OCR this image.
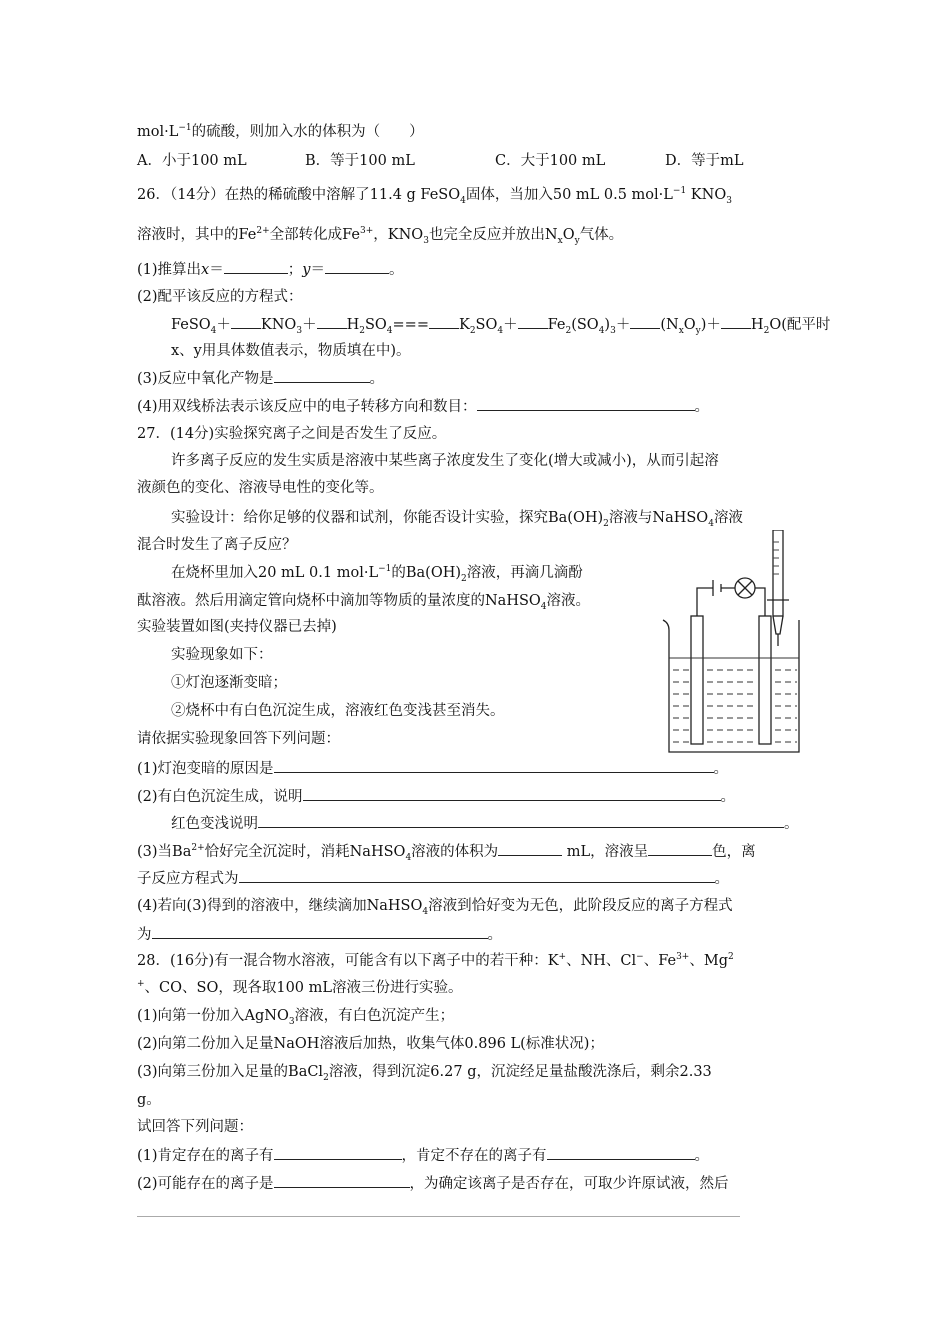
$mol\cdot L^{-1}$的硫酸，则加入水的体积为（　　）
A．小于100 mL	B．等于100 mL	C．大于100 mL	D．等于mL
26．（14分）在热的稀硫酸中溶解了11.4 g FeSO$_4$固体，当加入50 mL 0.5 $mol\cdot L^{-1}$ $KNO_3$
溶液时，其中的$Fe^{2+}$全部转化成$Fe^{3+}$，$KNO_3$也完全反应并放出$N_xO_y$气体。
(1)推算出x＝	；y＝	。
(2)配平该反应的方程式：
FeSO$_4$＋ $KNO_3+ H_2SO_4=== K_2SO_4+ Fe_2(SO_4)_3+ (N_xO_y)+ H_2O$(配平时
x、y用具体数值表示，物质填在中)。
(3)反应中氧化产物是	。
(4)用双线桥法表示该反应中的电子转移方向和数目：	。
27．(14分)实验探究离子之间是否发生了反应。
许多离子反应的发生实质是溶液中某些离子浓度发生了变化(增大或减小)，从而引起溶
液颜色的变化、溶液导电性的变化等。
实验设计：给你足够的仪器和试剂，你能否设计实验，探究$Ba(OH)_2$溶液与NaHSO$_4$溶液
混合时发生了离子反应？
在烧杯里加入20 mL 0.1 $mol\cdot L^{-1}$的$Ba(OH)_2$溶液，再滴几滴酚
酞溶液。然后用滴定管向烧杯中滴加等物质的量浓度的NaHSO$_4$溶液。
实验装置如图(夹持仪器已去掉)
实验现象如下：
①灯泡逐渐变暗；
②烧杯中有白色沉淀生成，溶液红色变浅甚至消失。
请依据实验现象回答下列问题：
(1)灯泡变暗的原因是	。
(2)有白色沉淀生成，说明	。
红色变浅说明	。
(3)当$Ba^{2+}$恰好完全沉淀时，消耗NaHSO$_4$溶液的体积为	mL，溶液呈	色，离
子反应方程式为	。
(4)若向(3)得到的溶液中，继续滴加NaHSO$_4$溶液到恰好变为无色，此阶段反应的离子方程式
为	。
28．(16分)有一混合物水溶液，可能含有以下离子中的若干种：K+、NH、Cl−、$Fe^{3+}$、Mg$^2$
+、CO、SO，现各取100 mL溶液三份进行实验。
(1)向第一份加入AgNO$_3$溶液，有白色沉淀产生；
(2)向第二份加入足量NaOH溶液后加热，收集气体0.896 L(标准状况)；
(3)向第三份加入足量的BaCl$_2$溶液，得到沉淀6.27 g，沉淀经足量盐酸洗涤后，剩余2.33
g。
试回答下列问题：
(1)肯定存在的离子有	，肯定不存在的离子有	。
(2)可能存在的离子是	，为确定该离子是否存在，可取少许原试液，然后
